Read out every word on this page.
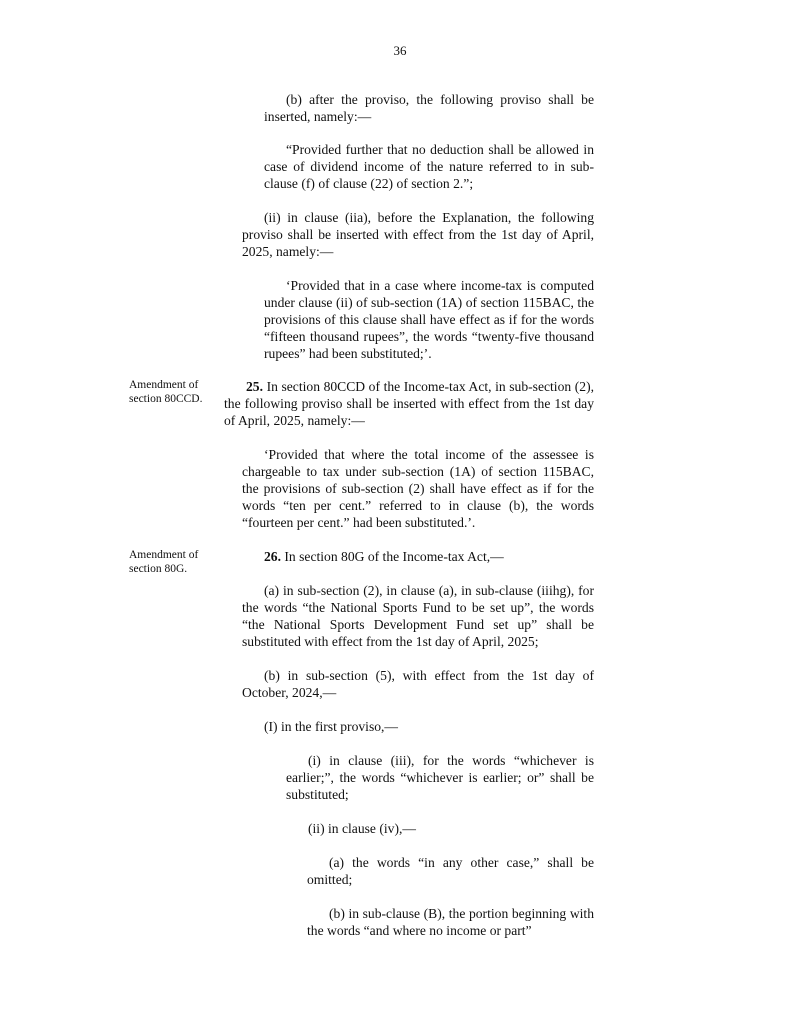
36

(b) after the proviso, the following proviso shall be inserted, namely:—

“Provided further that no deduction shall be allowed in case of dividend income of the nature referred to in sub-clause (f) of clause (22) of section 2.”;

(ii) in clause (iia), before the Explanation, the following proviso shall be inserted with effect from the 1st day of April, 2025, namely:—

‘Provided that in a case where income-tax is computed under clause (ii) of sub-section (1A) of section 115BAC, the provisions of this clause shall have effect as if for the words “fifteen thousand rupees”, the words “twenty-five thousand rupees” had been substituted;’.

Amendment of section 80CCD.

25. In section 80CCD of the Income-tax Act, in sub-section (2), the following proviso shall be inserted with effect from the 1st day of April, 2025, namely:—

‘Provided that where the total income of the assessee is chargeable to tax under sub-section (1A) of section 115BAC, the provisions of sub-section (2) shall have effect as if for the words “ten per cent.” referred to in clause (b), the words “fourteen per cent.” had been substituted.’.

Amendment of section 80G.

26. In section 80G of the Income-tax Act,—

(a) in sub-section (2), in clause (a), in sub-clause (iiihg), for the words “the National Sports Fund to be set up”, the words “the National Sports Development Fund set up” shall be substituted with effect from the 1st day of April, 2025;

(b) in sub-section (5), with effect from the 1st day of October, 2024,—

(I) in the first proviso,—

(i) in clause (iii), for the words “whichever is earlier;”, the words “whichever is earlier; or” shall be substituted;

(ii) in clause (iv),—

(a) the words “in any other case,” shall be omitted;

(b) in sub-clause (B), the portion beginning with the words “and where no income or part”
